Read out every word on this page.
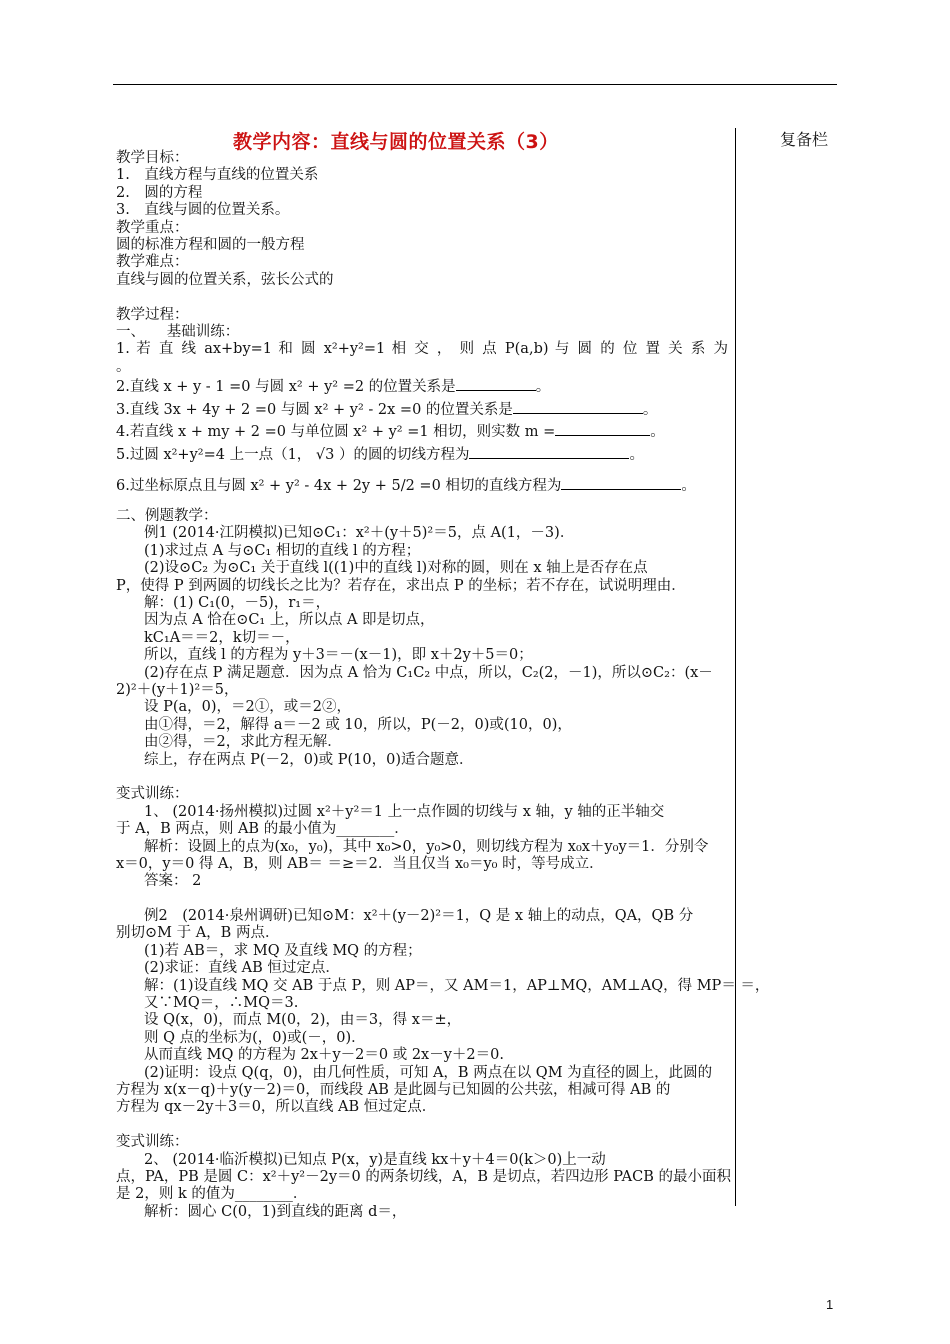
复备栏
教学内容：直线与圆的位置关系（3）
教学目标：
1.　直线方程与直线的位置关系
2.　圆的方程
3.　直线与圆的位置关系。
教学重点：
圆的标准方程和圆的一般方程
教学难点：
直线与圆的位置关系，弦长公式的
教学过程：
一、　　基础训练：
1. 若 直 线 ax+by=1 和 圆 x²+y²=1 相 交 ， 则 点 P(a,b) 与 圆 的 位 置 关 系 为
。
2.直线 x + y - 1 =0 与圆 x² + y² =2 的位置关系是	。
3.直线 3x + 4y + 2 =0 与圆 x² + y² - 2x =0 的位置关系是	。
4.若直线 x + my + 2 =0 与单位圆 x² + y² =1 相切，则实数 m =	。
5.过圆 x²+y²=4 上一点（1， √3 ）的圆的切线方程为	。
6.过坐标原点且与圆 x² + y² - 4x + 2y + 5/2 =0 相切的直线方程为	。
二、例题教学：
例1 (2014·江阴模拟)已知⊙C₁：x²＋(y＋5)²＝5，点 A(1，－3)．
(1)求过点 A 与⊙C₁ 相切的直线 l 的方程；
(2)设⊙C₂ 为⊙C₁ 关于直线 l((1)中的直线 l)对称的圆，则在 x 轴上是否存在点
P，使得 P 到两圆的切线长之比为？若存在，求出点 P 的坐标；若不存在，试说明理由．
解：(1) C₁(0，－5)，r₁＝，
因为点 A 恰在⊙C₁ 上，所以点 A 即是切点，
kC₁A＝＝2，k切＝－，
所以，直线 l 的方程为 y＋3＝－(x－1)，即 x＋2y＋5＝0；
(2)存在点 P 满足题意．因为点 A 恰为 C₁C₂ 中点，所以，C₂(2，－1)，所以⊙C₂：(x－
2)²＋(y＋1)²＝5，
设 P(a，0)，＝2①，或＝2②，
由①得，＝2，解得 a＝－2 或 10，所以，P(－2，0)或(10，0)，
由②得，＝2，求此方程无解．
综上，存在两点 P(－2，0)或 P(10，0)适合题意．
变式训练：
1、 (2014·扬州模拟)过圆 x²＋y²＝1 上一点作圆的切线与 x 轴，y 轴的正半轴交
于 A，B 两点，则 AB 的最小值为________．
解析：设圆上的点为(x₀，y₀)，其中 x₀>0，y₀>0，则切线方程为 x₀x＋y₀y＝1．分别令
x＝0，y＝0 得 A，B，则 AB＝ ＝≥＝2．当且仅当 x₀＝y₀ 时，等号成立．
答案： 2
例2　(2014·泉州调研)已知⊙M：x²＋(y－2)²＝1，Q 是 x 轴上的动点，QA，QB 分
别切⊙M 于 A，B 两点．
(1)若 AB＝，求 MQ 及直线 MQ 的方程；
(2)求证：直线 AB 恒过定点．
解：(1)设直线 MQ 交 AB 于点 P，则 AP＝，又 AM＝1，AP⊥MQ，AM⊥AQ，得 MP＝ ＝，
又∵MQ＝，∴MQ＝3.
设 Q(x，0)，而点 M(0，2)，由＝3，得 x＝±，
则 Q 点的坐标为(，0)或(－，0)．
从而直线 MQ 的方程为 2x＋y－2＝0 或 2x－y＋2＝0.
(2)证明：设点 Q(q，0)，由几何性质，可知 A，B 两点在以 QM 为直径的圆上，此圆的
方程为 x(x－q)＋y(y－2)＝0，而线段 AB 是此圆与已知圆的公共弦，相减可得 AB 的
方程为 qx－2y＋3＝0，所以直线 AB 恒过定点．
变式训练：
2、 (2014·临沂模拟)已知点 P(x，y)是直线 kx＋y＋4＝0(k＞0)上一动
点，PA，PB 是圆 C：x²＋y²－2y＝0 的两条切线，A，B 是切点，若四边形 PACB 的最小面积
是 2，则 k 的值为________．
解析：圆心 C(0，1)到直线的距离 d＝，
1
